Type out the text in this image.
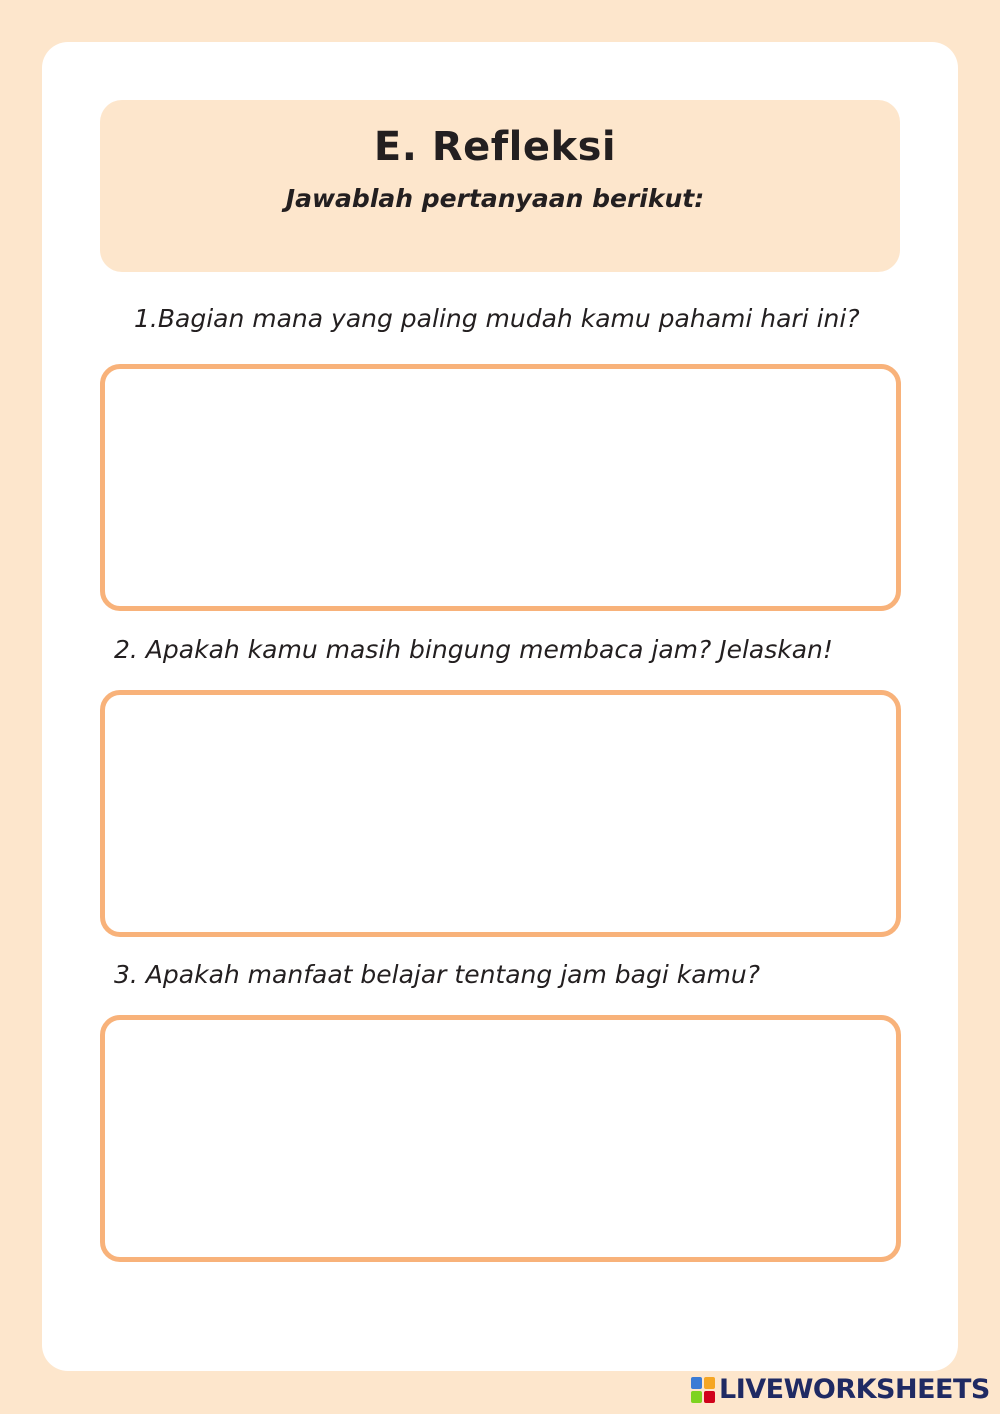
E. Refleksi

Jawablah pertanyaan berikut:

1.Bagian mana yang paling mudah kamu pahami hari ini?

2. Apakah kamu masih bingung membaca jam? Jelaskan!

3. Apakah manfaat belajar tentang jam bagi kamu?

LIVEWORKSHEETS
